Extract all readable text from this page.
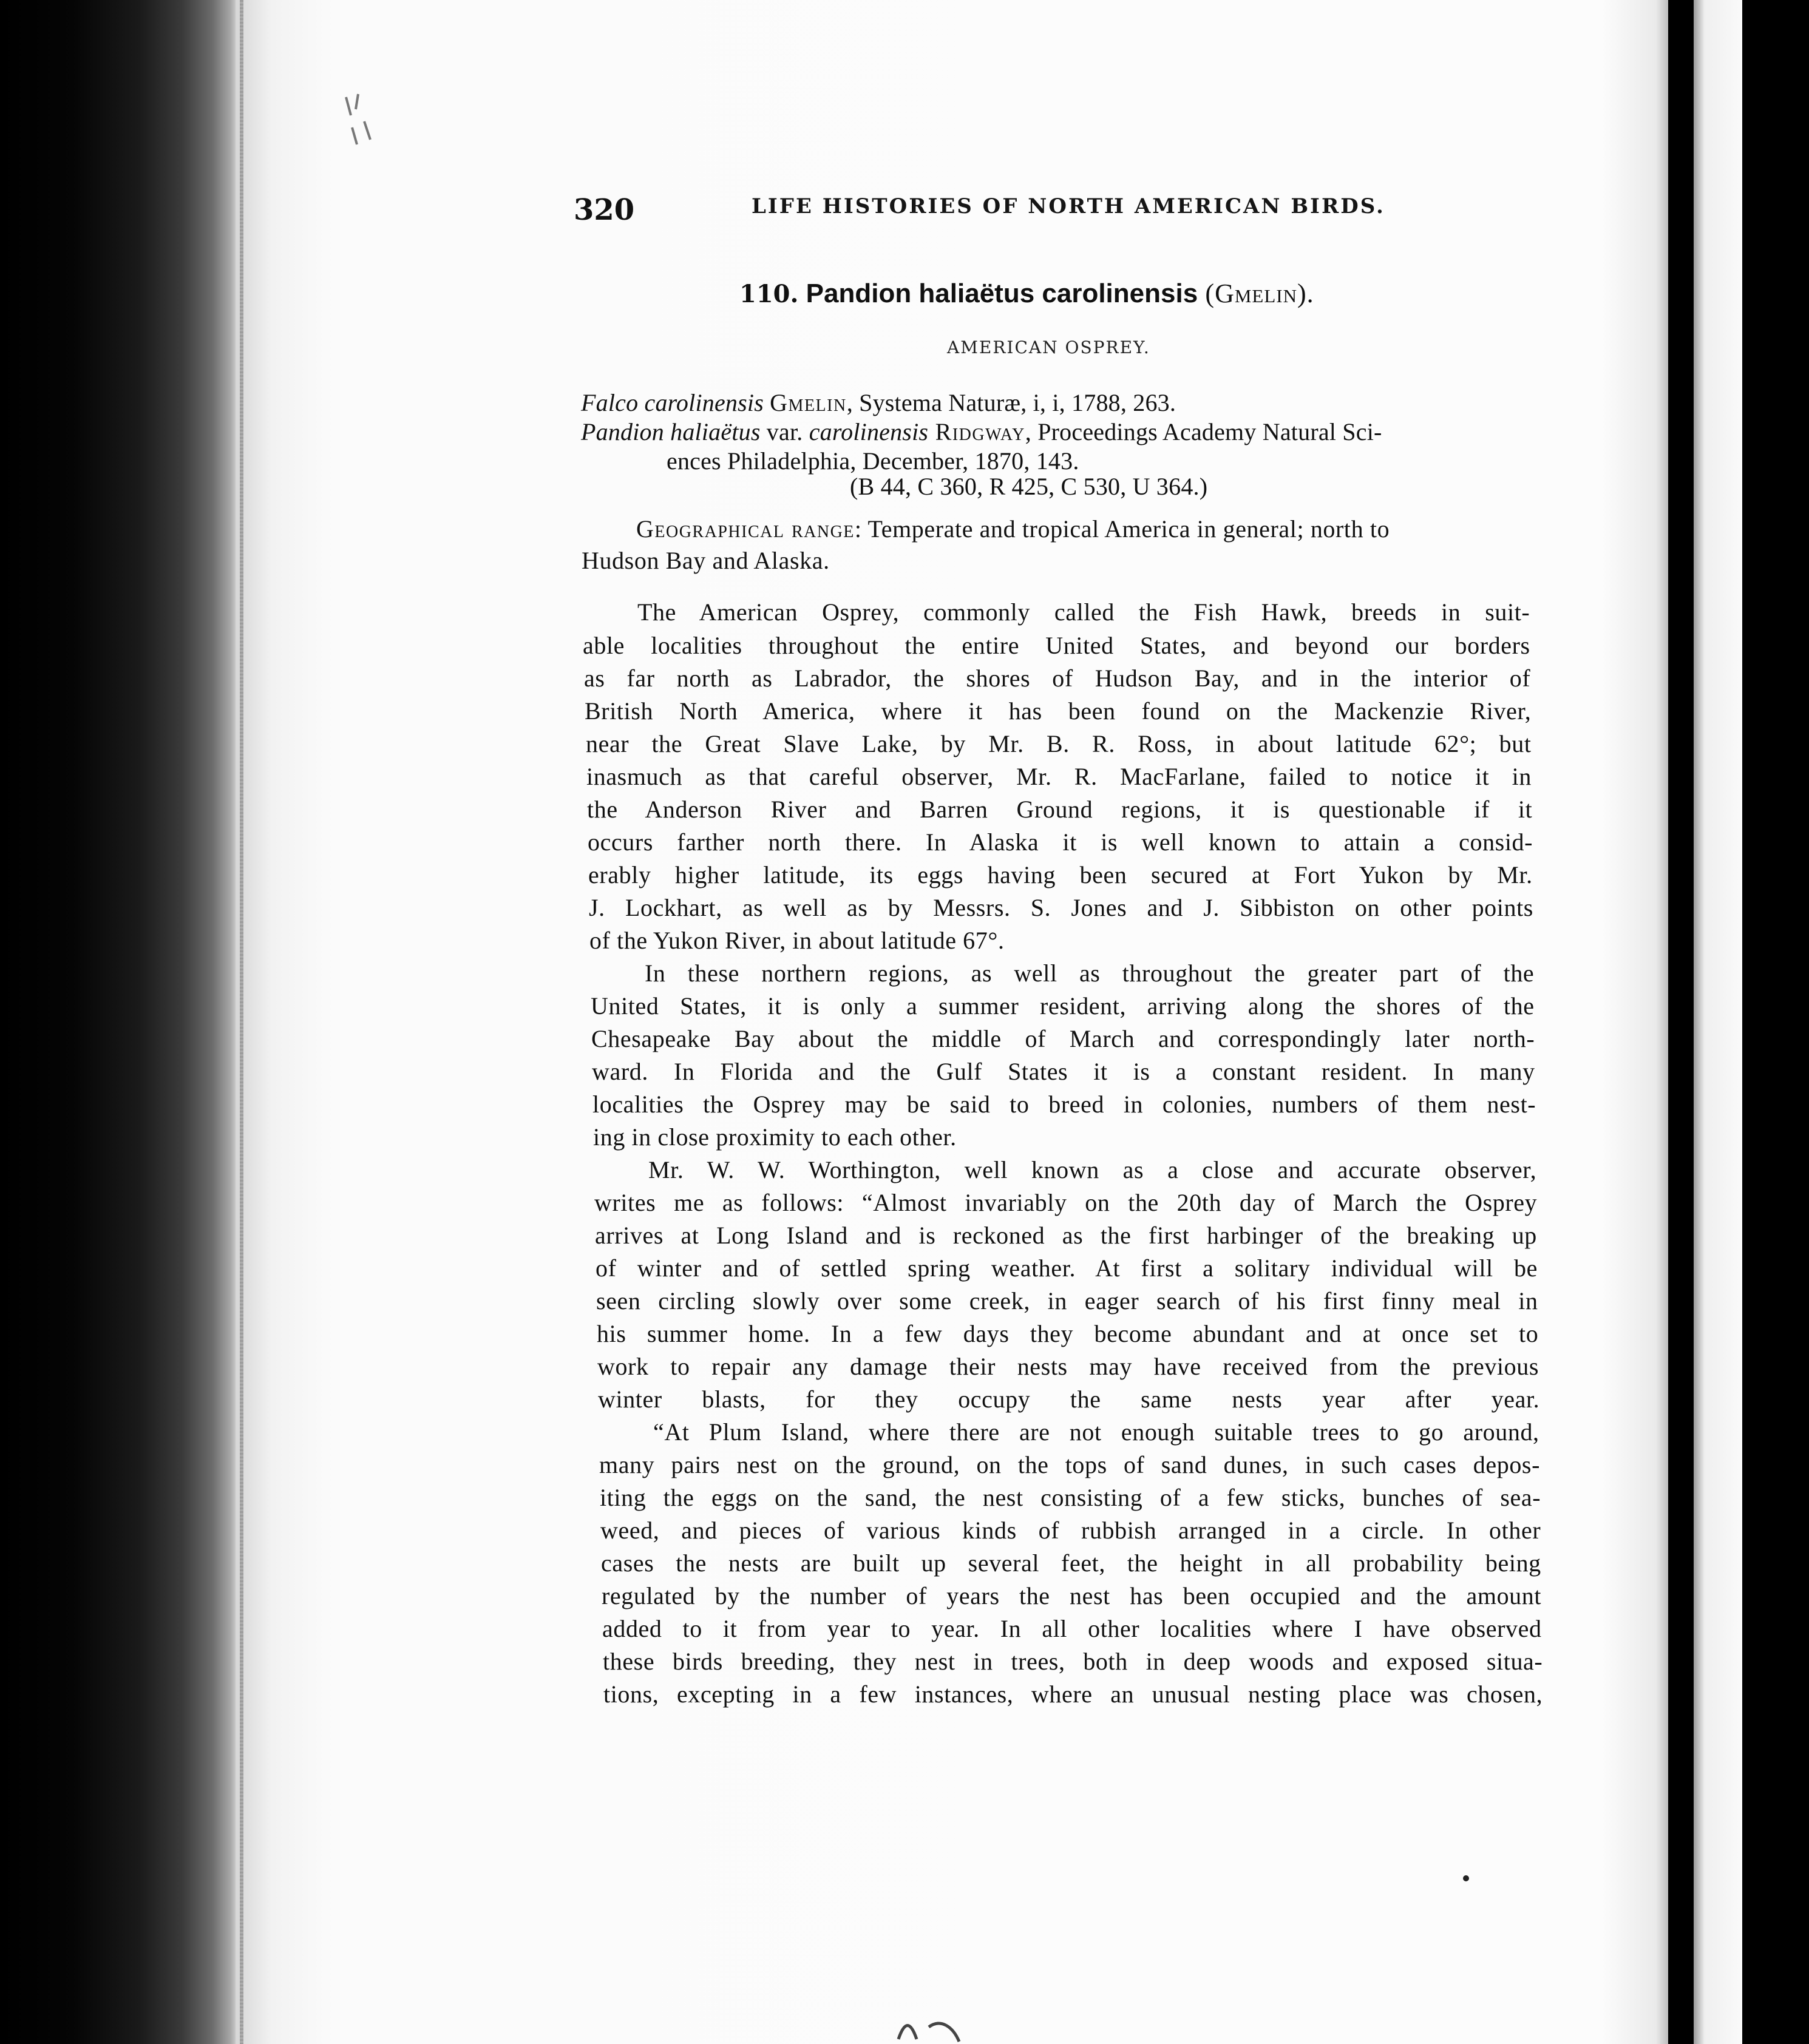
320	LIFE HISTORIES OF NORTH AMERICAN BIRDS.
110. Pandion haliaëtus carolinensis (Gmelin).
AMERICAN OSPREY.
Falco carolinensis Gmelin, Systema Naturæ, i, i, 1788, 263.
Pandion haliaëtus var. carolinensis Ridgway, Proceedings Academy Natural Sci-
ences Philadelphia, December, 1870, 143.
(B 44, C 360, R 425, C 530, U 364.)
Geographical range: Temperate and tropical America in general; north to
Hudson Bay and Alaska.
The American Osprey, commonly called the Fish Hawk, breeds in suit-
able localities throughout the entire United States, and beyond our borders
as far north as Labrador, the shores of Hudson Bay, and in the interior of
British North America, where it has been found on the Mackenzie River,
near the Great Slave Lake, by Mr. B. R. Ross, in about latitude 62°; but
inasmuch as that careful observer, Mr. R. MacFarlane, failed to notice it in
the Anderson River and Barren Ground regions, it is questionable if it
occurs farther north there. In Alaska it is well known to attain a consid-
erably higher latitude, its eggs having been secured at Fort Yukon by Mr.
J. Lockhart, as well as by Messrs. S. Jones and J. Sibbiston on other points
of the Yukon River, in about latitude 67°.
In these northern regions, as well as throughout the greater part of the
United States, it is only a summer resident, arriving along the shores of the
Chesapeake Bay about the middle of March and correspondingly later north-
ward. In Florida and the Gulf States it is a constant resident. In many
localities the Osprey may be said to breed in colonies, numbers of them nest-
ing in close proximity to each other.
Mr. W. W. Worthington, well known as a close and accurate observer,
writes me as follows: “Almost invariably on the 20th day of March the Osprey
arrives at Long Island and is reckoned as the first harbinger of the breaking up
of winter and of settled spring weather. At first a solitary individual will be
seen circling slowly over some creek, in eager search of his first finny meal in
his summer home. In a few days they become abundant and at once set to
work to repair any damage their nests may have received from the previous
winter blasts, for they occupy the same nests year after year.
“At Plum Island, where there are not enough suitable trees to go around,
many pairs nest on the ground, on the tops of sand dunes, in such cases depos-
iting the eggs on the sand, the nest consisting of a few sticks, bunches of sea-
weed, and pieces of various kinds of rubbish arranged in a circle. In other
cases the nests are built up several feet, the height in all probability being
regulated by the number of years the nest has been occupied and the amount
added to it from year to year. In all other localities where I have observed
these birds breeding, they nest in trees, both in deep woods and exposed situa-
tions, excepting in a few instances, where an unusual nesting place was chosen,
